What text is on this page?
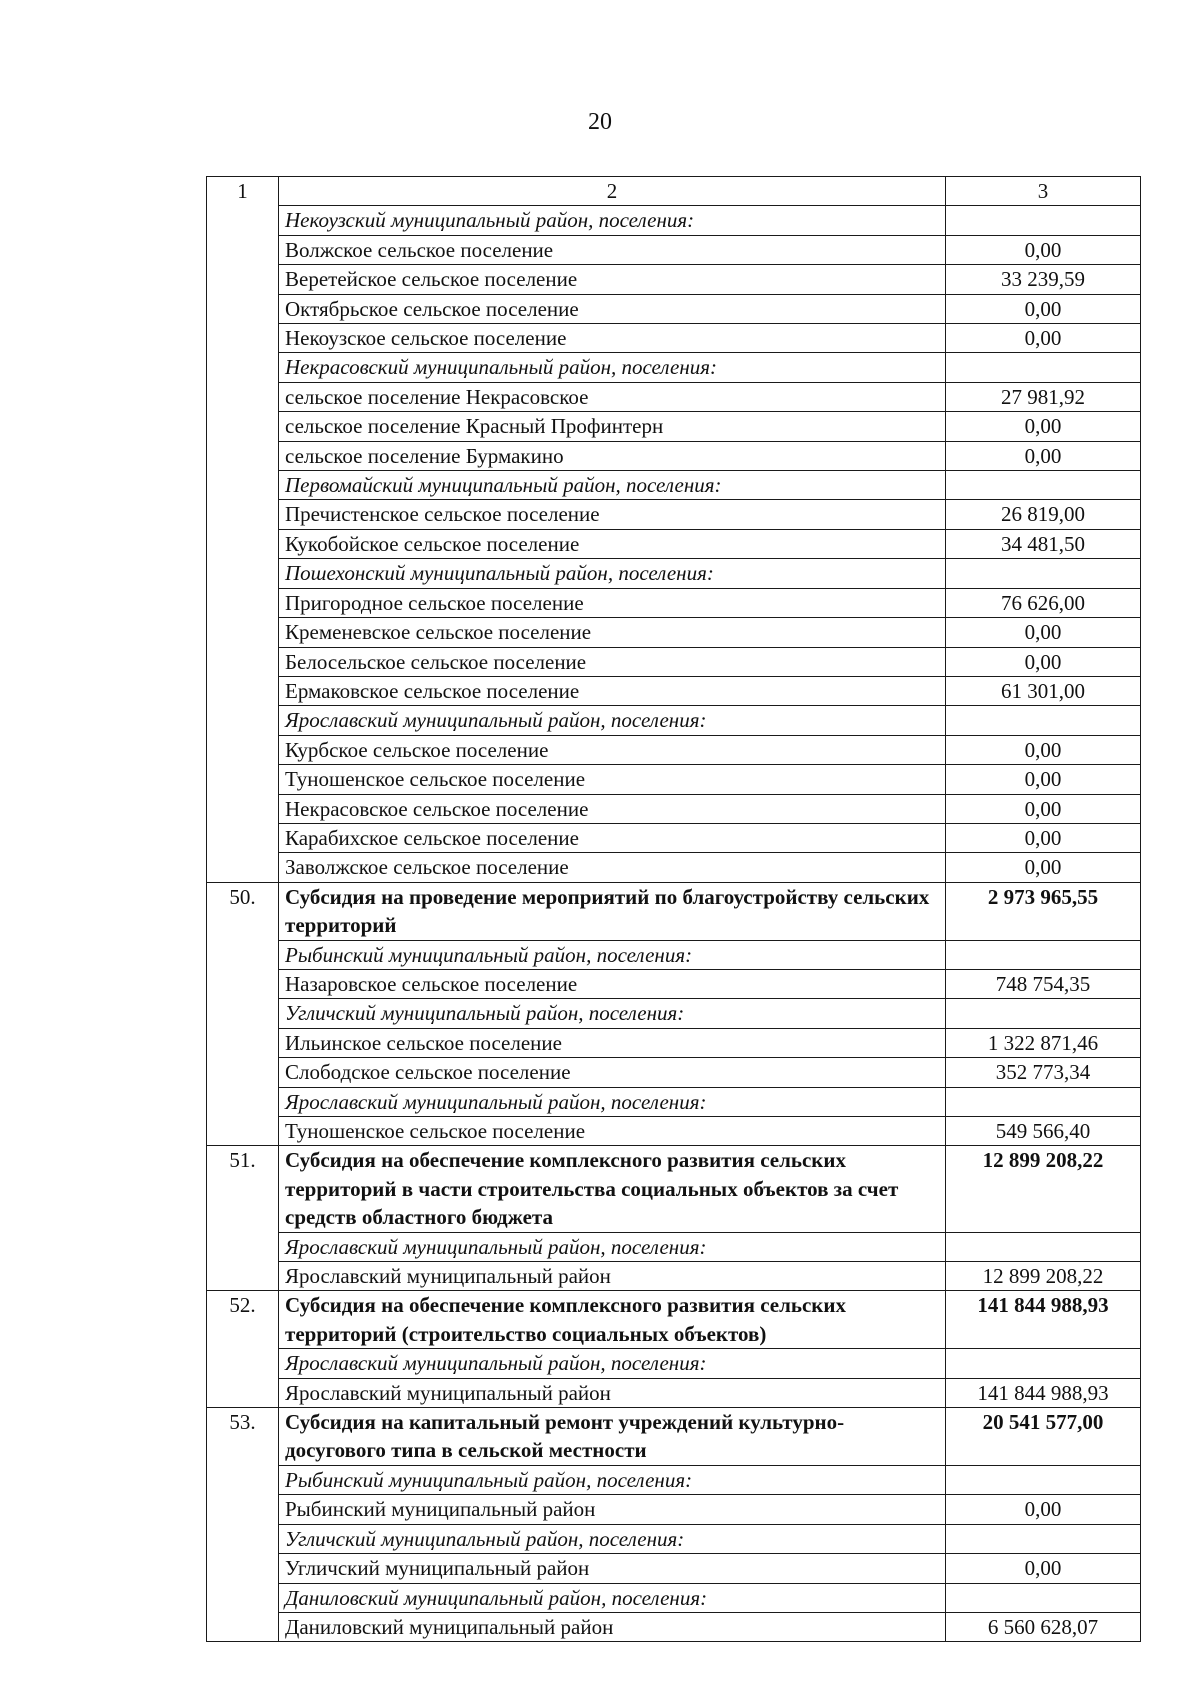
20
1	2	3
	Некоузский муниципальный район, поселения:	
	Волжское сельское поселение	0,00
	Веретейское сельское поселение	33 239,59
	Октябрьское сельское поселение	0,00
	Некоузское сельское поселение	0,00
	Некрасовский муниципальный район, поселения:	
	сельское поселение Некрасовское	27 981,92
	сельское поселение Красный Профинтерн	0,00
	сельское поселение Бурмакино	0,00
	Первомайский муниципальный район, поселения:	
	Пречистенское сельское поселение	26 819,00
	Кукобойское сельское поселение	34 481,50
	Пошехонский муниципальный район, поселения:	
	Пригородное сельское поселение	76 626,00
	Кременевское сельское поселение	0,00
	Белосельское сельское поселение	0,00
	Ермаковское сельское поселение	61 301,00
	Ярославский муниципальный район, поселения:	
	Курбское сельское поселение	0,00
	Туношенское сельское поселение	0,00
	Некрасовское сельское поселение	0,00
	Карабихское сельское поселение	0,00
	Заволжское сельское поселение	0,00
50.	Субсидия на проведение мероприятий по благоустройству сельских территорий	2 973 965,55
	Рыбинский муниципальный район, поселения:	
	Назаровское сельское поселение	748 754,35
	Угличский муниципальный район, поселения:	
	Ильинское сельское поселение	1 322 871,46
	Слободское сельское поселение	352 773,34
	Ярославский муниципальный район, поселения:	
	Туношенское сельское поселение	549 566,40
51.	Субсидия на обеспечение комплексного развития сельских территорий в части строительства социальных объектов за счет средств областного бюджета	12 899 208,22
	Ярославский муниципальный район, поселения:	
	Ярославский муниципальный район	12 899 208,22
52.	Субсидия на обеспечение комплексного развития сельских территорий (строительство социальных объектов)	141 844 988,93
	Ярославский муниципальный район, поселения:	
	Ярославский муниципальный район	141 844 988,93
53.	Субсидия на капитальный ремонт учреждений культурно-досугового типа в сельской местности	20 541 577,00
	Рыбинский муниципальный район, поселения:	
	Рыбинский муниципальный район	0,00
	Угличский муниципальный район, поселения:	
	Угличский муниципальный район	0,00
	Даниловский муниципальный район, поселения:	
	Даниловский муниципальный район	6 560 628,07
